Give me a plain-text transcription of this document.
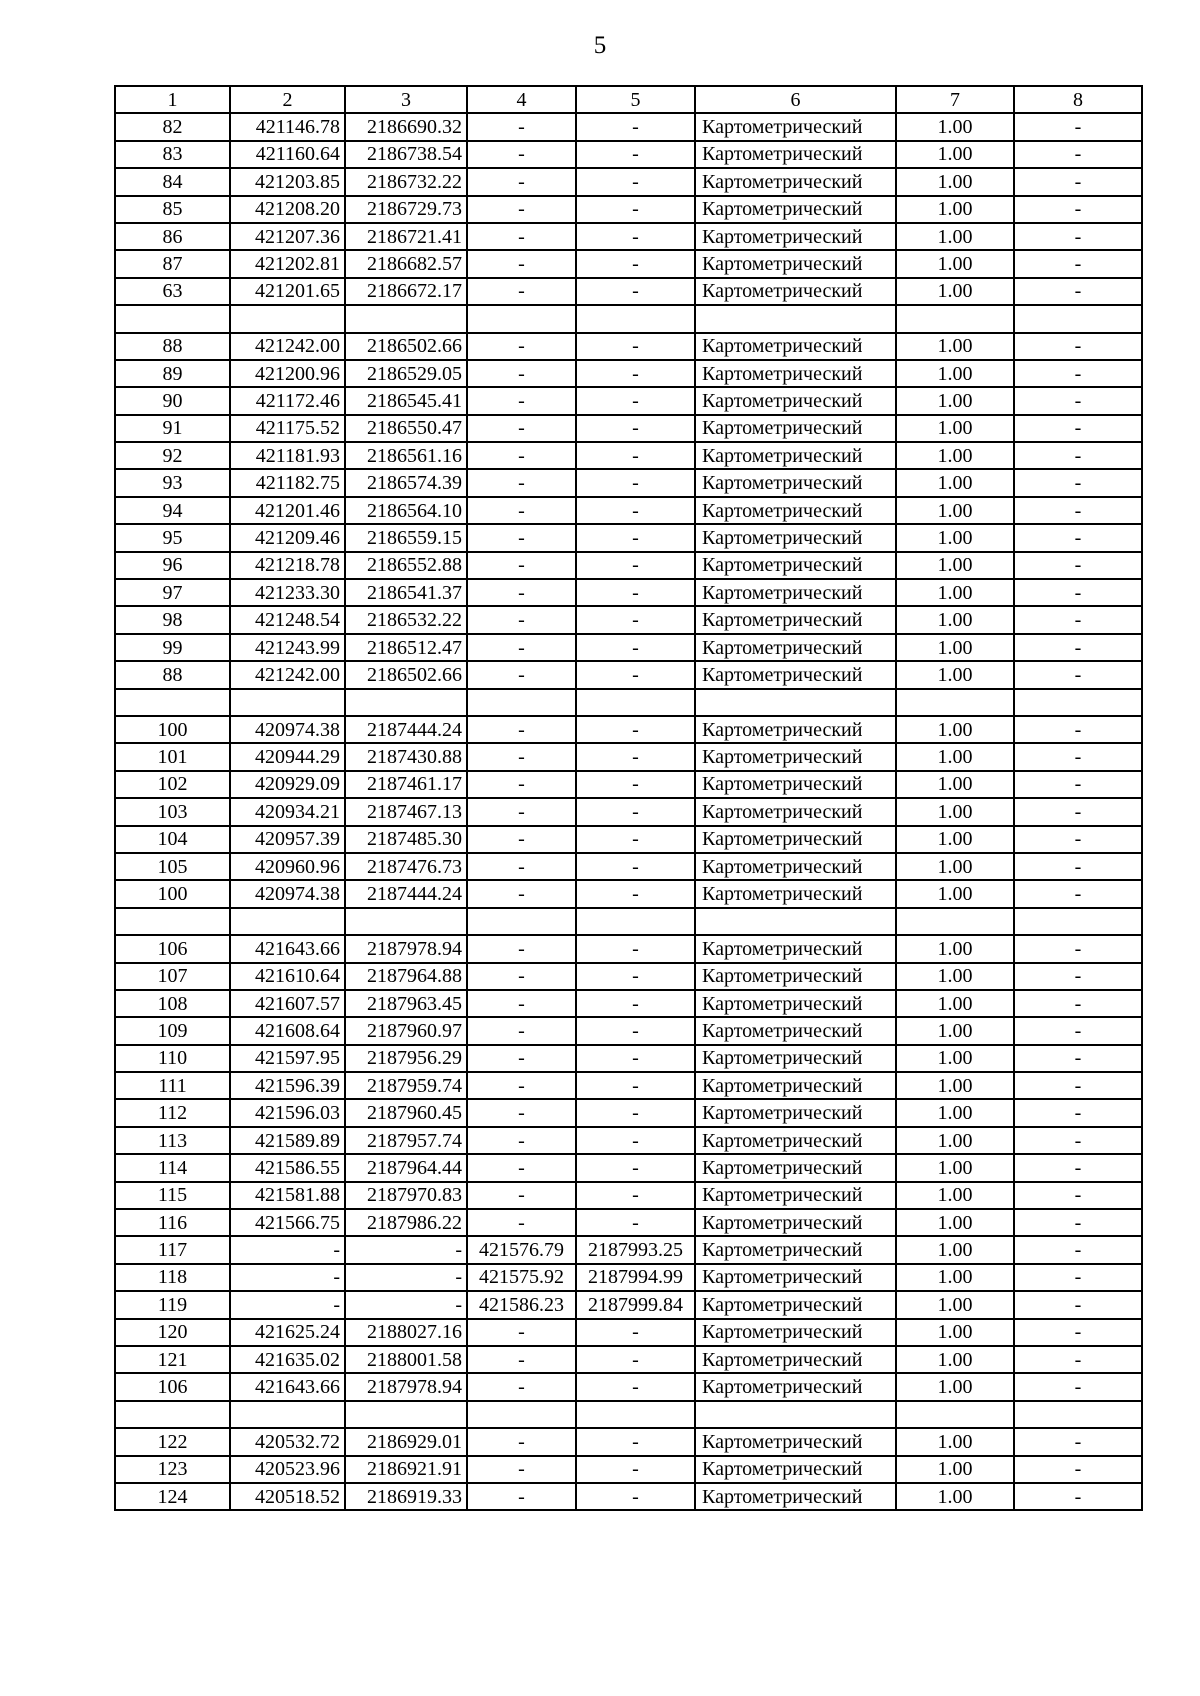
5
1	2	3	4	5	6	7	8
82	421146.78	2186690.32	-	-	Картометрический	1.00	-
83	421160.64	2186738.54	-	-	Картометрический	1.00	-
84	421203.85	2186732.22	-	-	Картометрический	1.00	-
85	421208.20	2186729.73	-	-	Картометрический	1.00	-
86	421207.36	2186721.41	-	-	Картометрический	1.00	-
87	421202.81	2186682.57	-	-	Картометрический	1.00	-
63	421201.65	2186672.17	-	-	Картометрический	1.00	-

88	421242.00	2186502.66	-	-	Картометрический	1.00	-
89	421200.96	2186529.05	-	-	Картометрический	1.00	-
90	421172.46	2186545.41	-	-	Картометрический	1.00	-
91	421175.52	2186550.47	-	-	Картометрический	1.00	-
92	421181.93	2186561.16	-	-	Картометрический	1.00	-
93	421182.75	2186574.39	-	-	Картометрический	1.00	-
94	421201.46	2186564.10	-	-	Картометрический	1.00	-
95	421209.46	2186559.15	-	-	Картометрический	1.00	-
96	421218.78	2186552.88	-	-	Картометрический	1.00	-
97	421233.30	2186541.37	-	-	Картометрический	1.00	-
98	421248.54	2186532.22	-	-	Картометрический	1.00	-
99	421243.99	2186512.47	-	-	Картометрический	1.00	-
88	421242.00	2186502.66	-	-	Картометрический	1.00	-

100	420974.38	2187444.24	-	-	Картометрический	1.00	-
101	420944.29	2187430.88	-	-	Картометрический	1.00	-
102	420929.09	2187461.17	-	-	Картометрический	1.00	-
103	420934.21	2187467.13	-	-	Картометрический	1.00	-
104	420957.39	2187485.30	-	-	Картометрический	1.00	-
105	420960.96	2187476.73	-	-	Картометрический	1.00	-
100	420974.38	2187444.24	-	-	Картометрический	1.00	-

106	421643.66	2187978.94	-	-	Картометрический	1.00	-
107	421610.64	2187964.88	-	-	Картометрический	1.00	-
108	421607.57	2187963.45	-	-	Картометрический	1.00	-
109	421608.64	2187960.97	-	-	Картометрический	1.00	-
110	421597.95	2187956.29	-	-	Картометрический	1.00	-
111	421596.39	2187959.74	-	-	Картометрический	1.00	-
112	421596.03	2187960.45	-	-	Картометрический	1.00	-
113	421589.89	2187957.74	-	-	Картометрический	1.00	-
114	421586.55	2187964.44	-	-	Картометрический	1.00	-
115	421581.88	2187970.83	-	-	Картометрический	1.00	-
116	421566.75	2187986.22	-	-	Картометрический	1.00	-
117	-	-	421576.79	2187993.25	Картометрический	1.00	-
118	-	-	421575.92	2187994.99	Картометрический	1.00	-
119	-	-	421586.23	2187999.84	Картометрический	1.00	-
120	421625.24	2188027.16	-	-	Картометрический	1.00	-
121	421635.02	2188001.58	-	-	Картометрический	1.00	-
106	421643.66	2187978.94	-	-	Картометрический	1.00	-

122	420532.72	2186929.01	-	-	Картометрический	1.00	-
123	420523.96	2186921.91	-	-	Картометрический	1.00	-
124	420518.52	2186919.33	-	-	Картометрический	1.00	-
